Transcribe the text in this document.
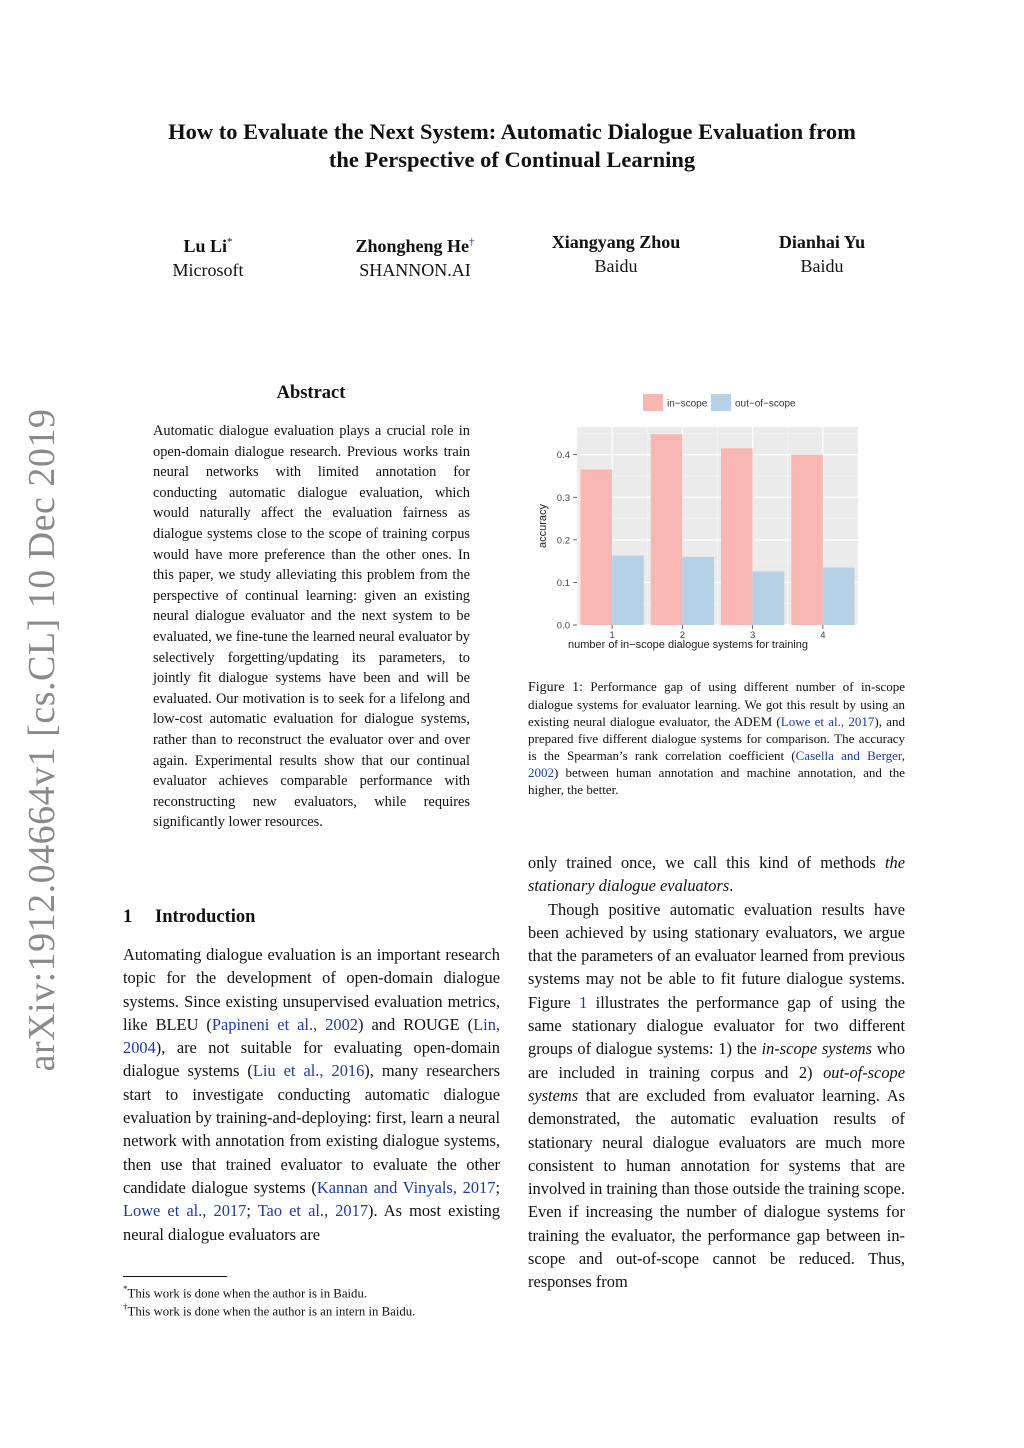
arXiv:1912.04664v1 [cs.CL] 10 Dec 2019
How to Evaluate the Next System: Automatic Dialogue Evaluation from
the Perspective of Continual Learning
Lu Li*
Microsoft
Zhongheng He†
SHANNON.AI
Xiangyang Zhou
Baidu
Dianhai Yu
Baidu
Abstract
Automatic dialogue evaluation plays a crucial role in open-domain dialogue research. Previous works train neural networks with limited annotation for conducting automatic dialogue evaluation, which would naturally affect the evaluation fairness as dialogue systems close to the scope of training corpus would have more preference than the other ones. In this paper, we study alleviating this problem from the perspective of continual learning: given an existing neural dialogue evaluator and the next system to be evaluated, we fine-tune the learned neural evaluator by selectively forgetting/updating its parameters, to jointly fit dialogue systems have been and will be evaluated. Our motivation is to seek for a lifelong and low-cost automatic evaluation for dialogue systems, rather than to reconstruct the evaluator over and over again. Experimental results show that our continual evaluator achieves comparable performance with reconstructing new evaluators, while requires significantly lower resources.
1 Introduction

Automating dialogue evaluation is an important research topic for the development of open-domain dialogue systems. Since existing unsupervised evaluation metrics, like BLEU (Papineni et al., 2002) and ROUGE (Lin, 2004), are not suitable for evaluating open-domain dialogue systems (Liu et al., 2016), many researchers start to investigate conducting automatic dialogue evaluation by training-and-deploying: first, learn a neural network with annotation from existing dialogue systems, then use that trained evaluator to evaluate the other candidate dialogue systems (Kannan and Vinyals, 2017; Lowe et al., 2017; Tao et al., 2017). As most existing neural dialogue evaluators are

*This work is done when the author is in Baidu.
†This work is done when the author is an intern in Baidu.
in−scope	out−of−scope
0.0
0.1
0.2
0.3
0.4
1	2	3	4
number of in−scope dialogue systems for training
accuracy
Figure 1: Performance gap of using different number of in-scope dialogue systems for evaluator learning. We got this result by using an existing neural dialogue evaluator, the ADEM (Lowe et al., 2017), and prepared five different dialogue systems for comparison. The accuracy is the Spearman’s rank correlation coefficient (Casella and Berger, 2002) between human annotation and machine annotation, and the higher, the better.

only trained once, we call this kind of methods the stationary dialogue evaluators.

Though positive automatic evaluation results have been achieved by using stationary evaluators, we argue that the parameters of an evaluator learned from previous systems may not be able to fit future dialogue systems. Figure 1 illustrates the performance gap of using the same stationary dialogue evaluator for two different groups of dialogue systems: 1) the in-scope systems who are included in training corpus and 2) out-of-scope systems that are excluded from evaluator learning. As demonstrated, the automatic evaluation results of stationary neural dialogue evaluators are much more consistent to human annotation for systems that are involved in training than those outside the training scope. Even if increasing the number of dialogue systems for training the evaluator, the performance gap between in-scope and out-of-scope cannot be reduced. Thus, responses from
